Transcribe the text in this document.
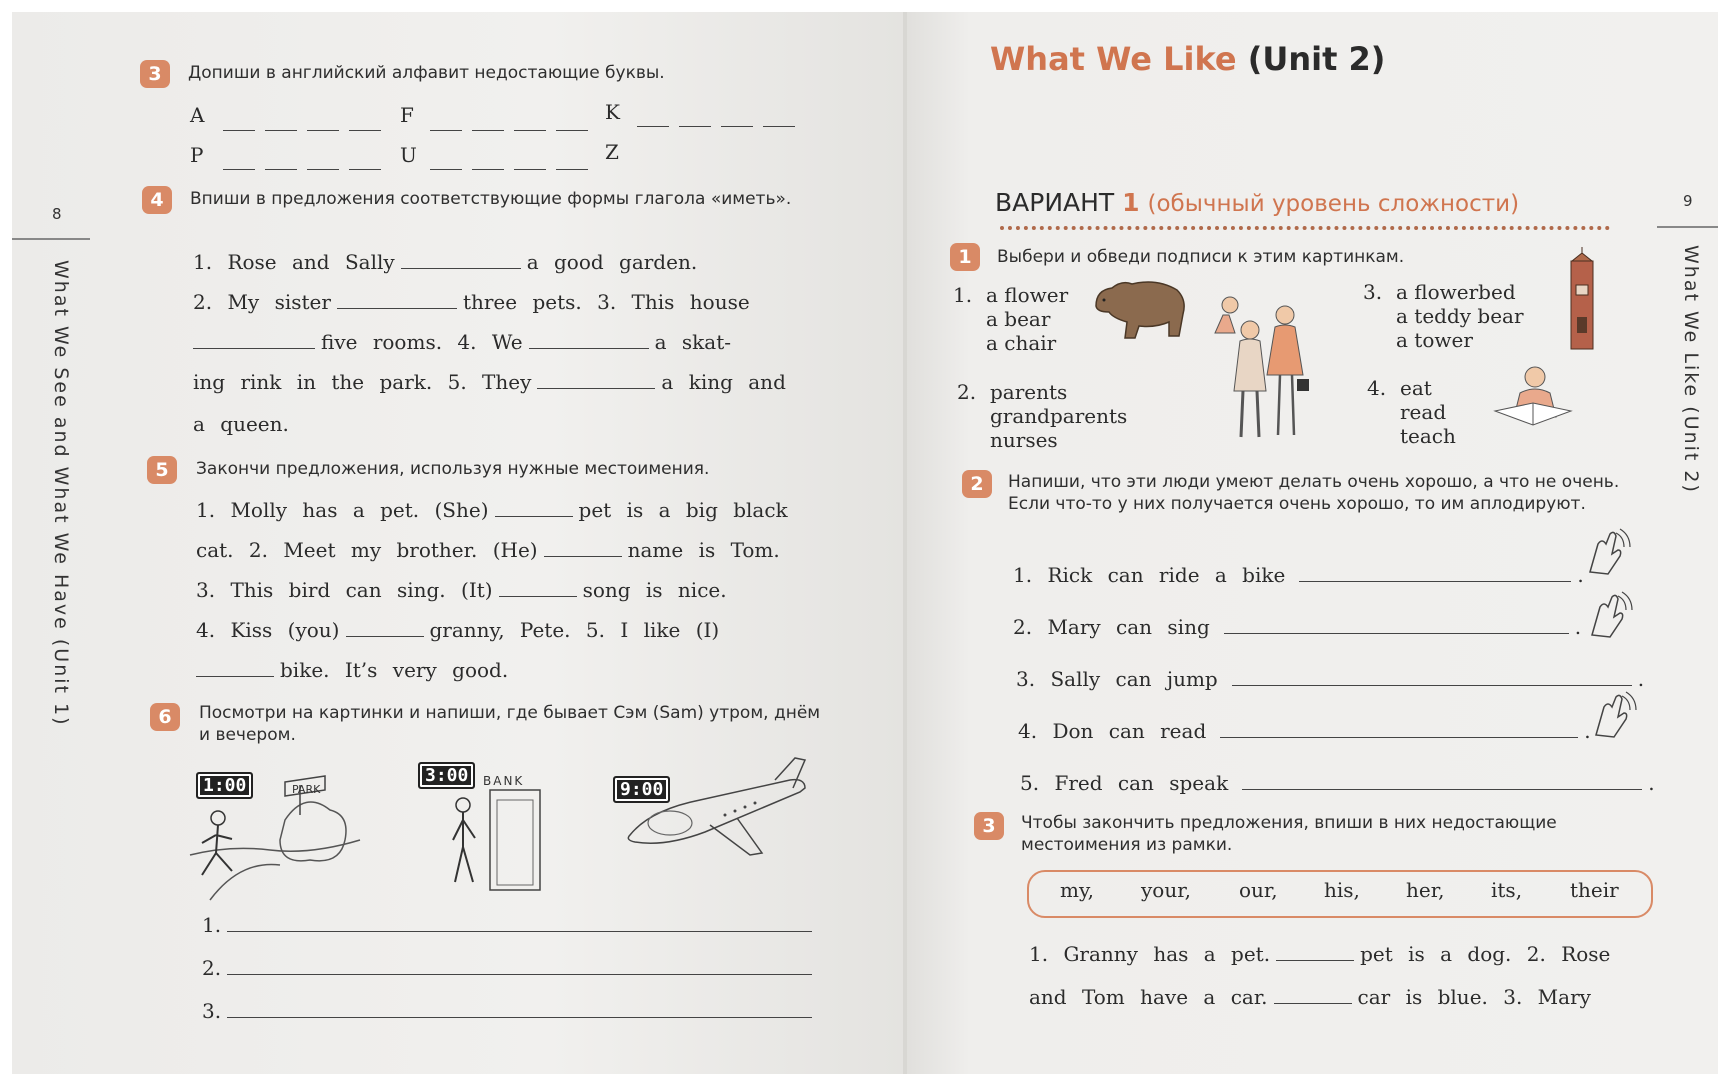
8
What We See and What We Have (Unit 1)
3	Допиши в английский алфавит недостающие буквы.
A	F	K
P	U	Z
4	Впиши в предложения соответствующие формы глагола «иметь».
1. Rose and Sally	a good garden.
2. My sister	three pets. 3. This house
five rooms. 4. We	a skat-
ing rink in the park. 5. They	a king and
a queen.
5	Закончи предложения, используя нужные местоимения.
1. Molly has a pet. (She)	pet is a big black
cat. 2. Meet my brother. (He)	name is Tom.
3. This bird can sing. (It)	song is nice.
4. Kiss (you)	granny, Pete. 5. I like (I)
bike. It’s very good.
6	Посмотри на картинки и напиши, где бывает Сэм (Sam) утром, днём и вечером.
1:00	3:00
9:00
PARK
BANK
1.
2.
3.
What We Like (Unit 2)
9
What We Like (Unit 2)
ВАРИАНТ 1 (обычный уровень сложности)
1	Выбери и обведи подписи к этим картинкам.
1. a flower
a bear
a chair
2. parents
grandparents
nurses
3. a flowerbed
a teddy bear
a tower
4. eat
read
teach
2	Напиши, что эти люди умеют делать очень хорошо, а что не очень. Если что-то у них получается очень хорошо, то им аплодируют.
1. Rick can ride a bike	.
2. Mary can sing	.
3. Sally can jump	.
4. Don can read	.
5. Fred can speak	.
3	Чтобы закончить предложения, впиши в них недостающие местоимения из рамки.
my, your, our, his, her, its, their
1. Granny has a pet.	pet is a dog. 2. Rose
and Tom have a car.	car is blue. 3. Mary
